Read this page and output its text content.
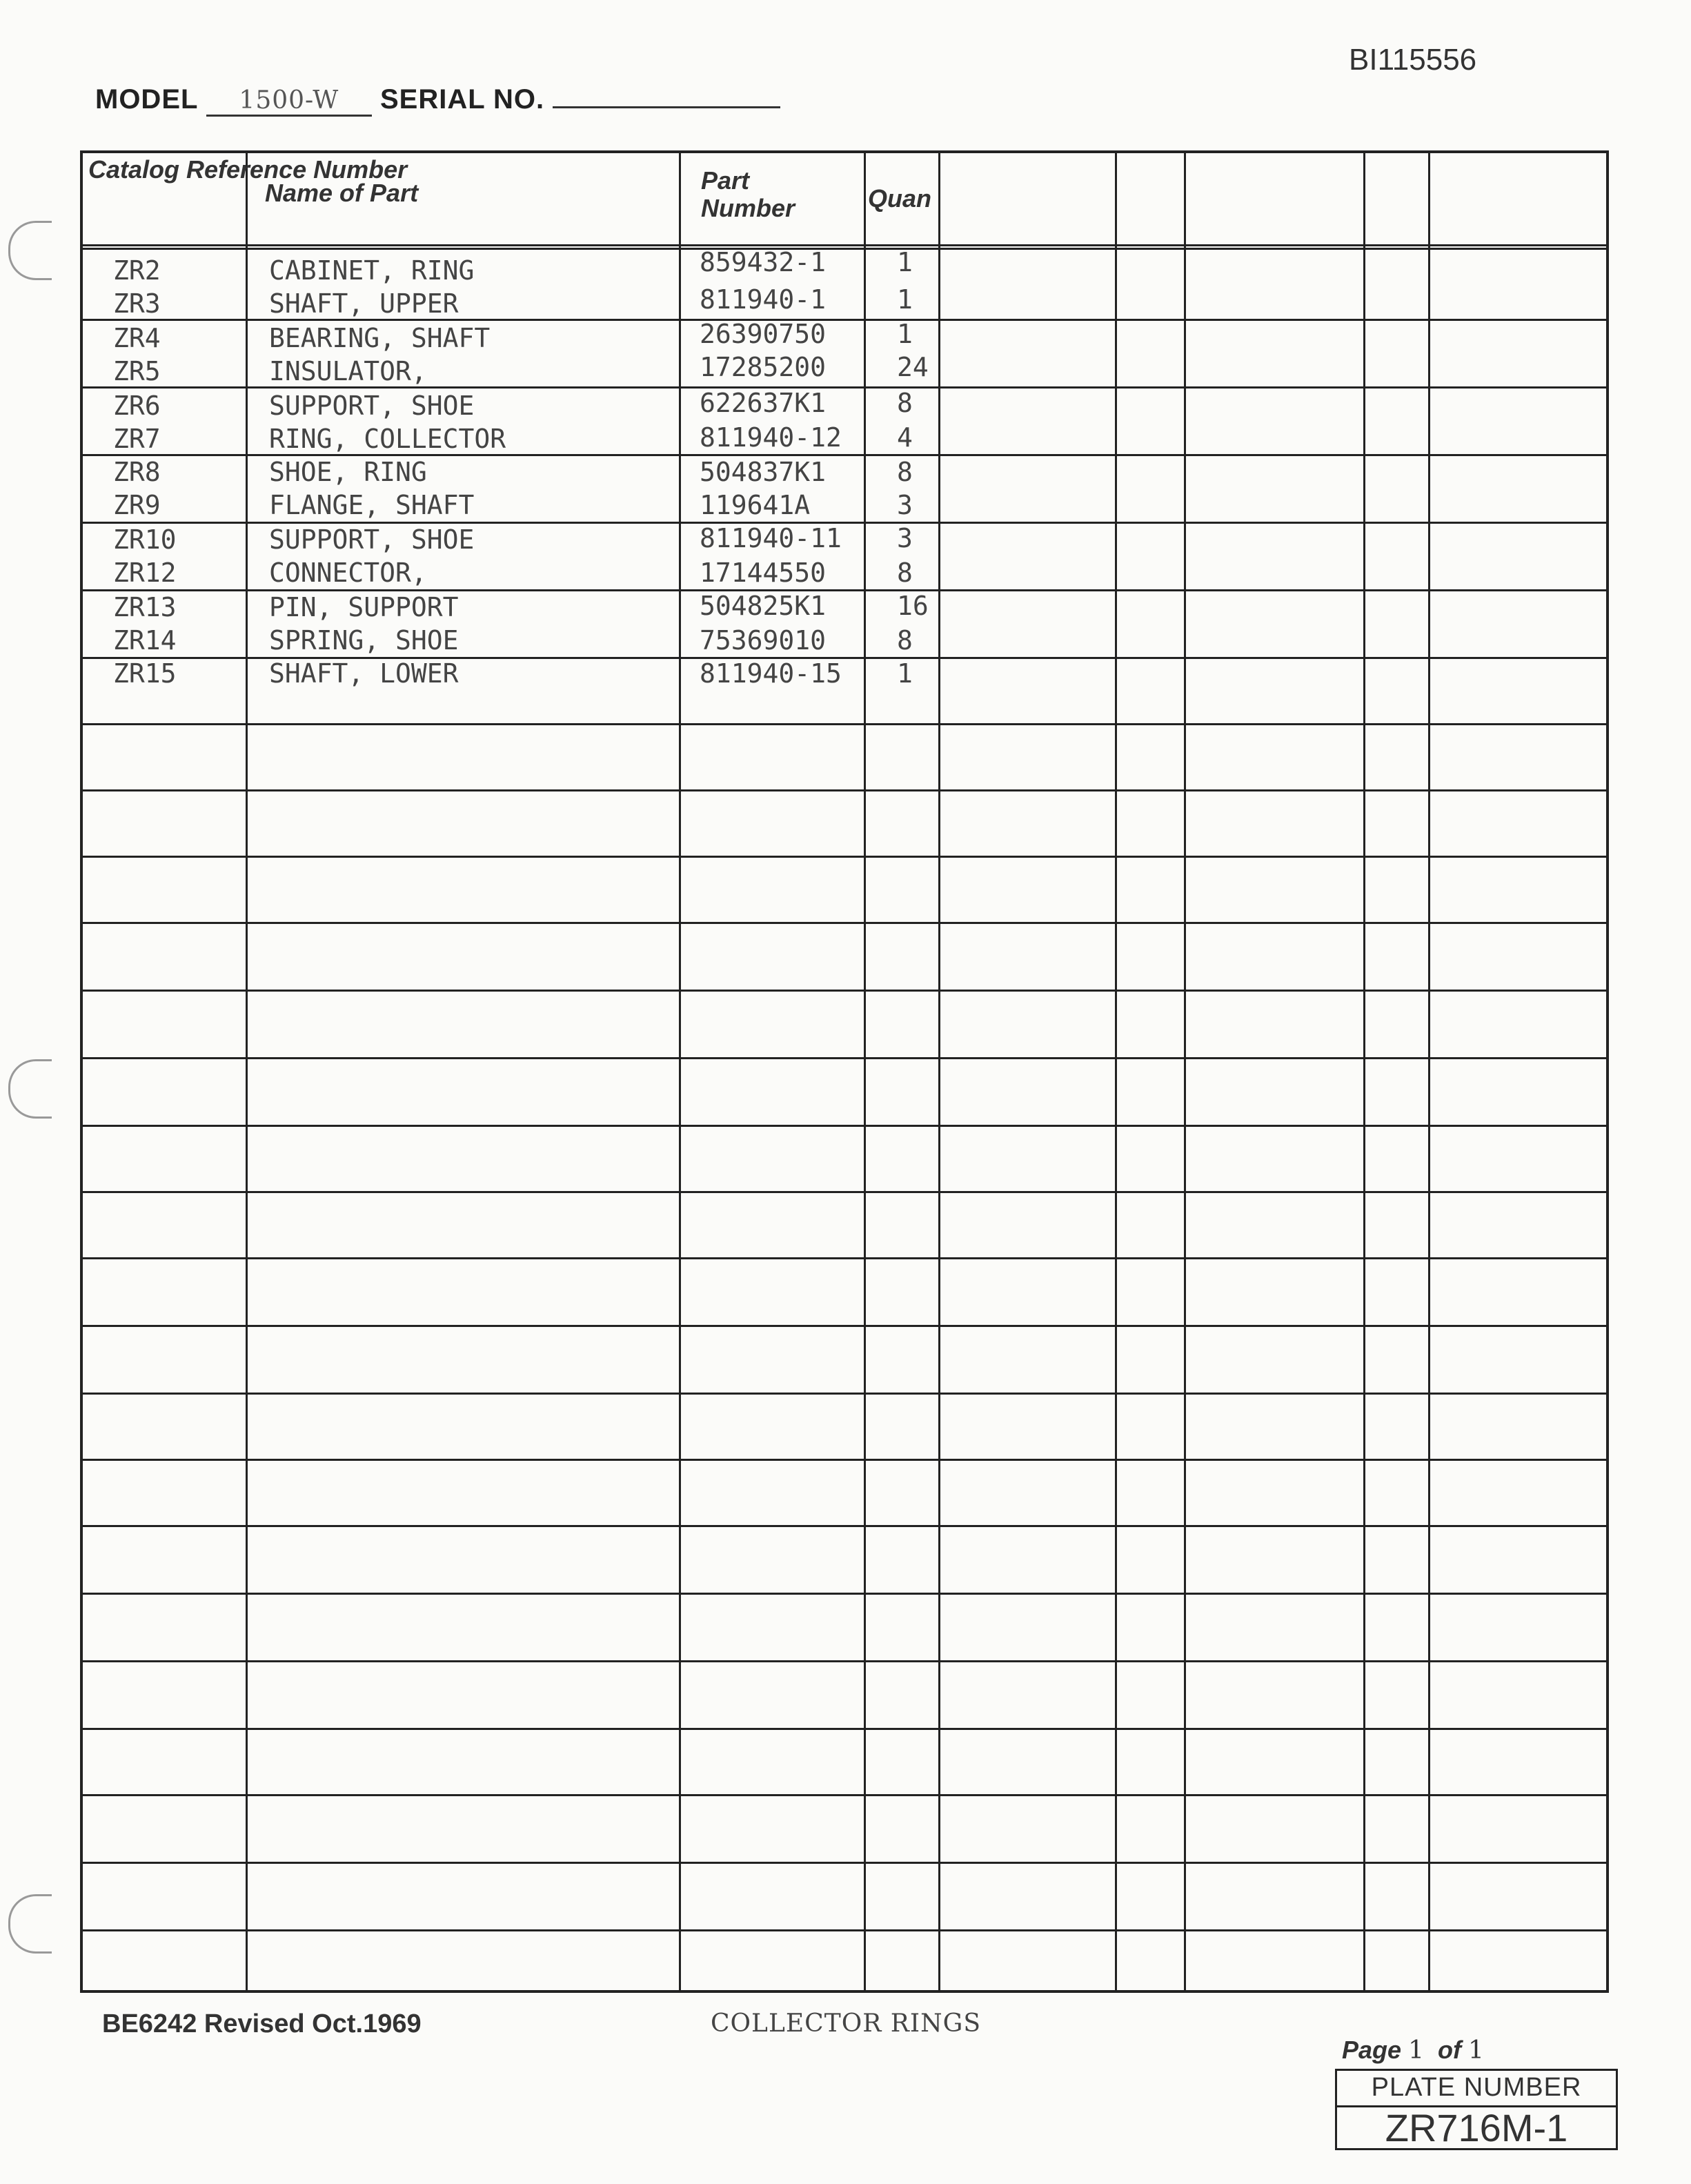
BI115556
MODEL 1500-W SERIAL NO.
Catalog Reference Number
Name of Part	Part Number	Quan
ZR2	CABINET, RING	859432-1	1
ZR3	SHAFT, UPPER	811940-1	1
ZR4	BEARING, SHAFT	26390750	1
ZR5	INSULATOR,	17285200	24
ZR6	SUPPORT, SHOE	622637K1	8
ZR7	RING, COLLECTOR	811940-12 4
ZR8	SHOE, RING	504837K1	8
ZR9	FLANGE, SHAFT	119641A	3
ZR10	SUPPORT, SHOE	811940-11 3
ZR12	CONNECTOR,	17144550	8
ZR13	PIN, SUPPORT	504825K1	16
ZR14	SPRING, SHOE	75369010	8
ZR15	SHAFT, LOWER	811940-15 1
BE6242 Revised Oct.1969	COLLECTOR RINGS
Page 1 of 1
PLATE NUMBER
ZR716M-1
